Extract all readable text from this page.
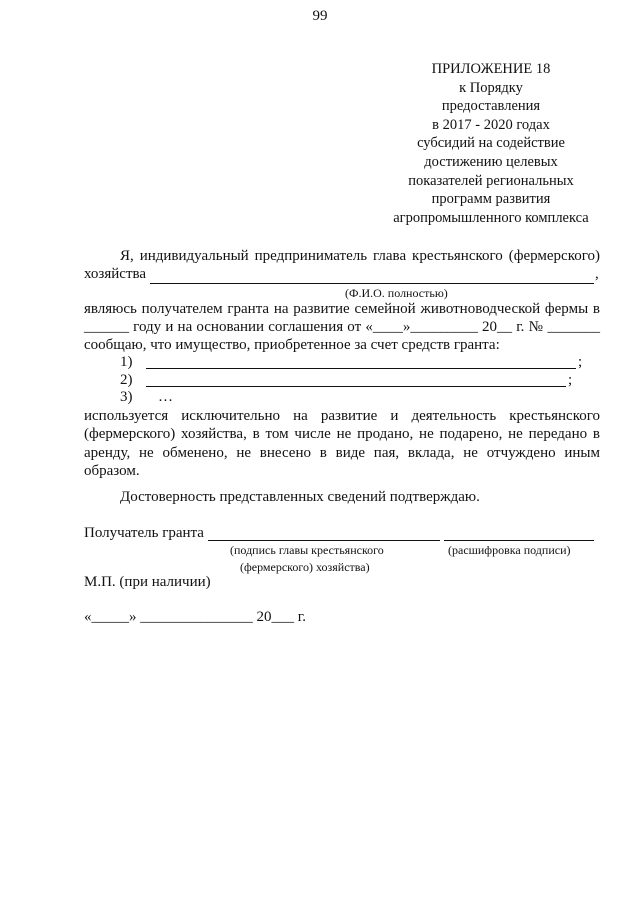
99
ПРИЛОЖЕНИЕ 18
к Порядку
предоставления
в 2017 - 2020 годах
субсидий на содействие
достижению целевых
показателей региональных
программ развития
агропромышленного комплекса
Я, индивидуальный предприниматель глава крестьянского (фермерского)
хозяйства	,
(Ф.И.О. полностью)
являюсь получателем гранта на развитие семейной животноводческой фермы в
______ году и на основании соглашения от «____»_________ 20__ г. № _______
сообщаю, что имущество, приобретенное за счет средств гранта:
1)	;
2)	;
3) …
используется исключительно на развитие и деятельность крестьянского
(фермерского) хозяйства, в том числе не продано, не подарено, не передано в
аренду, не обменено, не внесено в виде пая, вклада, не отчуждено иным
образом.
Достоверность представленных сведений подтверждаю.
Получатель гранта
(подпись главы крестьянского
(фермерского) хозяйства)
(расшифровка подписи)
М.П. (при наличии)
«_____» _______________ 20___ г.
